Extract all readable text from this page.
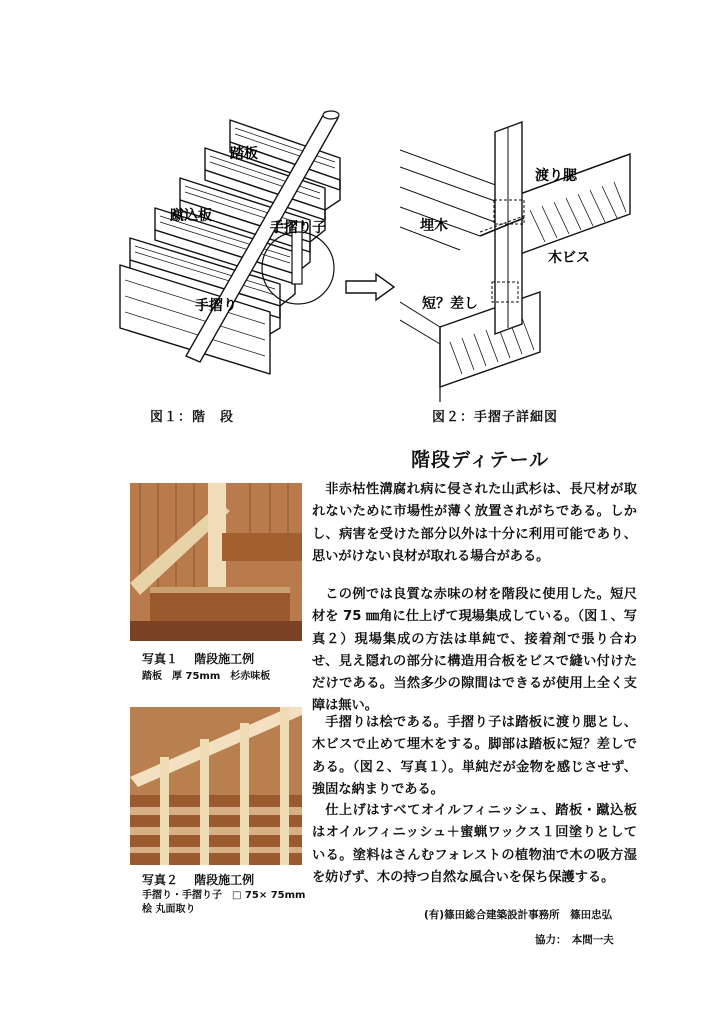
踏板
蹴込板
手摺り子
手摺り
渡り腮
埋木
木ビス
短？差し
図１：階　段	図２：手摺子詳細図
階段ディテール

非赤枯性溝腐れ病に侵された山武杉は、長尺材が取れないために市場性が薄く放置されがちである。しかし、病害を受けた部分以外は十分に利用可能であり、思いがけない良材が取れる場合がある。

この例では良質な赤味の材を階段に使用した。短尺材を 75 ㎜角に仕上げて現場集成している。（図１、写真２）現場集成の方法は単純で、接着剤で張り合わせ、見え隠れの部分に構造用合板をビスで縫い付けただけである。当然多少の隙間はできるが使用上全く支障は無い。

手摺りは桧である。手摺り子は踏板に渡り腮とし、木ビスで止めて埋木をする。脚部は踏板に短？差しである。（図２、写真１）。単純だが金物を感じさせず、強固な納まりである。

仕上げはすべてオイルフィニッシュ、踏板・蹴込板はオイルフィニッシュ＋蜜蝋ワックス１回塗りとしている。塗料はさんむフォレストの植物油で木の吸方湿を妨げず、木の持つ自然な風合いを保ち保護する。

写真１　 階段施工例
踏板　厚 75mm　杉赤味板
写真２　 階段施工例
手摺り・手摺り子　□ 75× 75mm
桧 丸面取り	(有)篠田総合建築設計事務所　篠田忠弘
協力：　本間一夫
